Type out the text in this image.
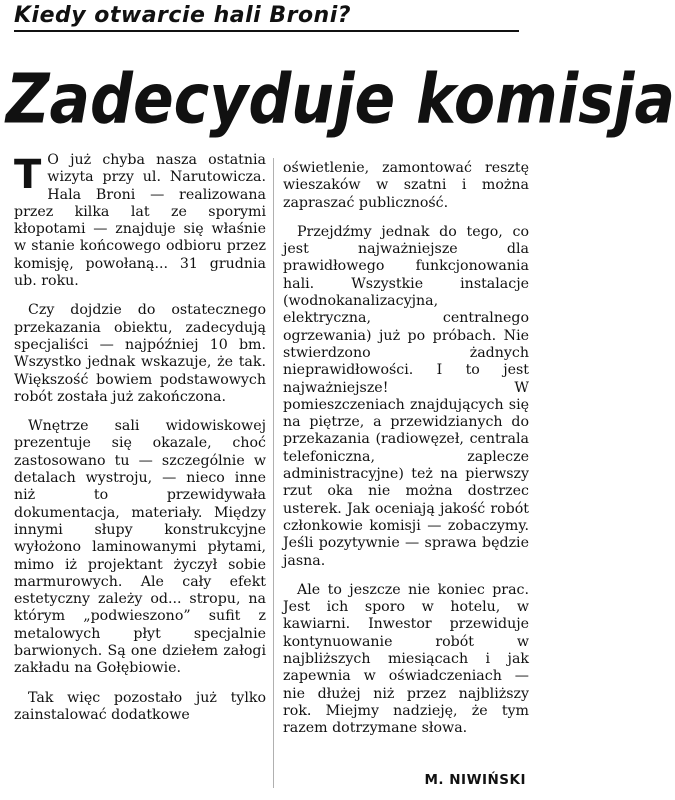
Kiedy otwarcie hali Broni?
Zadecyduje komisja

T O już chyba nasza ostatnia wizyta przy ul. Narutowicza. Hala Broni — realizowana przez kilka lat ze sporymi kłopotami — znajduje się właśnie w stanie końcowego odbioru przez komisję, powołaną... 31 grudnia ub. roku.

Czy dojdzie do ostatecznego przekazania obiektu, zadecydują specjaliści — najpóźniej 10 bm. Wszystko jednak wskazuje, że tak. Większość bowiem podstawowych robót została już zakończona.

Wnętrze sali widowiskowej prezentuje się okazale, choć zastosowano tu — szczególnie w detalach wystroju, — nieco inne niż to przewidywała dokumentacja, materiały. Między innymi słupy konstrukcyjne wyłożono laminowanymi płytami, mimo iż projektant życzył sobie marmurowych. Ale cały efekt estetyczny zależy od... stropu, na którym „podwieszono” sufit z metalowych płyt specjalnie barwionych. Są one dziełem załogi zakładu na Gołębiowie.

Tak więc pozostało już tylko zainstalować dodatkowe

oświetlenie, zamontować resztę wieszaków w szatni i można zapraszać publiczność.

Przejdźmy jednak do tego, co jest najważniejsze dla prawidłowego funkcjonowania hali. Wszystkie instalacje (wodnokanalizacyjna, elektryczna, centralnego ogrzewania) już po próbach. Nie stwierdzono żadnych nieprawidłowości. I to jest najważniejsze! W pomieszczeniach znajdujących się na piętrze, a przewidzianych do przekazania (radiowęzeł, centrala telefoniczna, zaplecze administracyjne) też na pierwszy rzut oka nie można dostrzec usterek. Jak oceniają jakość robót członkowie komisji — zobaczymy. Jeśli pozytywnie — sprawa będzie jasna.

Ale to jeszcze nie koniec prac. Jest ich sporo w hotelu, w kawiarni. Inwestor przewiduje kontynuowanie robót w najbliższych miesiącach i jak zapewnia w oświadczeniach — nie dłużej niż przez najbliższy rok. Miejmy nadzieję, że tym razem dotrzymane słowa.

M. NIWIŃSKI
